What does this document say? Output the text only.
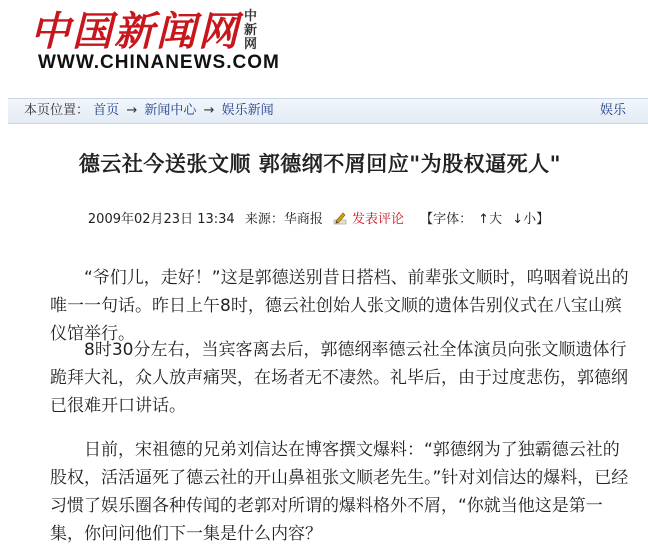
中国新闻网 中
新
网
WWW.CHINANEWS.COM
本页位置： 首页 → 新闻中心 → 娱乐新闻	娱乐
德云社今送张文顺 郭德纲不屑回应"为股权逼死人"
2009年02月23日 13:34 来源：华商报 发表评论 【字体： ↑大 ↓小】

“爷们儿，走好！”这是郭德送别昔日搭档、前辈张文顺时，呜咽着说出的唯一一句话。昨日上午8时，德云社创始人张文顺的遗体告别仪式在八宝山殡仪馆举行。

8时30分左右，当宾客离去后，郭德纲率德云社全体演员向张文顺遗体行跪拜大礼，众人放声痛哭，在场者无不凄然。礼毕后，由于过度悲伤，郭德纲已很难开口讲话。

日前，宋祖德的兄弟刘信达在博客撰文爆料：“郭德纲为了独霸德云社的股权，活活逼死了德云社的开山鼻祖张文顺老先生。”针对刘信达的爆料，已经习惯了娱乐圈各种传闻的老郭对所谓的爆料格外不屑，“你就当他这是第一集，你问问他们下一集是什么内容？
